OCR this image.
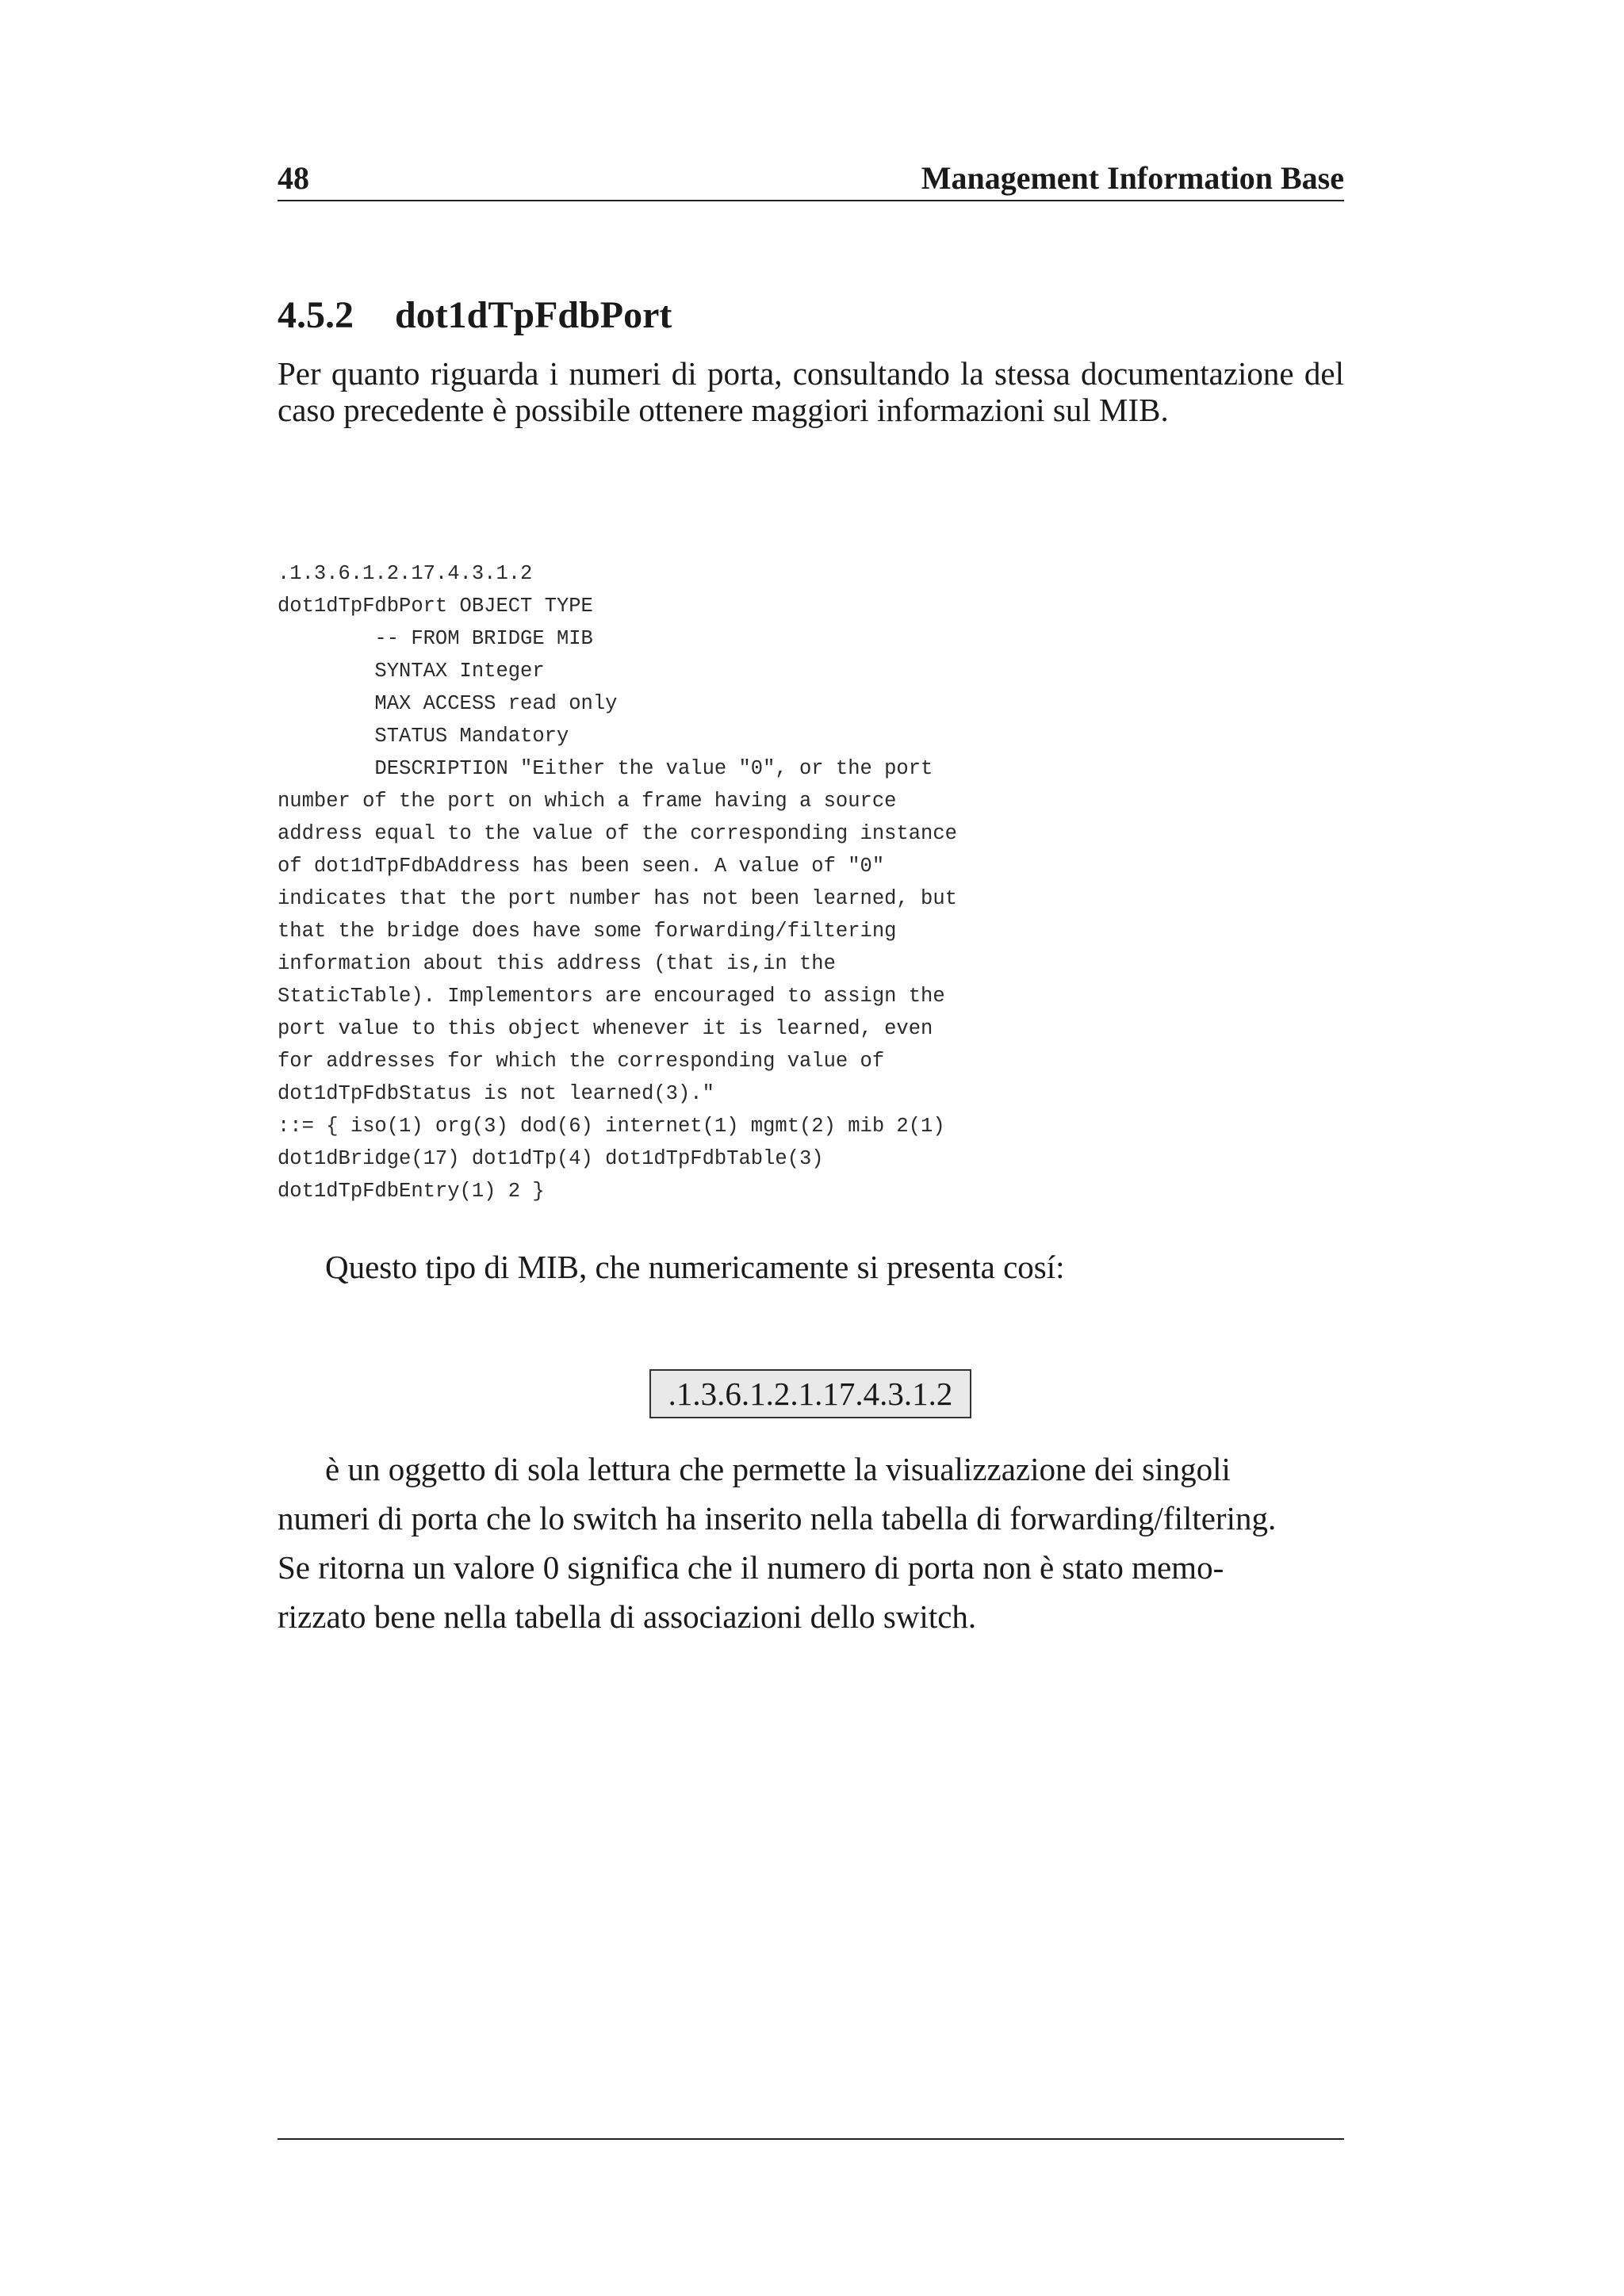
48	Management Information Base
4.5.2 dot1dTpFdbPort
Per quanto riguarda i numeri di porta, consultando la stessa documentazione del caso precedente è possibile ottenere maggiori informazioni sul MIB.
.1.3.6.1.2.17.4.3.1.2
dot1dTpFdbPort OBJECT TYPE
-- FROM BRIDGE MIB
SYNTAX Integer
MAX ACCESS read only
STATUS Mandatory
DESCRIPTION "Either the value "0", or the port
number of the port on which a frame having a source
address equal to the value of the corresponding instance
of dot1dTpFdbAddress has been seen. A value of "0"
indicates that the port number has not been learned, but
that the bridge does have some forwarding/filtering
information about this address (that is,in the
StaticTable). Implementors are encouraged to assign the
port value to this object whenever it is learned, even
for addresses for which the corresponding value of
dot1dTpFdbStatus is not learned(3)."
::= { iso(1) org(3) dod(6) internet(1) mgmt(2) mib 2(1)
dot1dBridge(17) dot1dTp(4) dot1dTpFdbTable(3)
dot1dTpFdbEntry(1) 2 }
Questo tipo di MIB, che numericamente si presenta cosí:
.1.3.6.1.2.1.17.4.3.1.2
è un oggetto di sola lettura che permette la visualizzazione dei singoli
numeri di porta che lo switch ha inserito nella tabella di forwarding/filtering.
Se ritorna un valore 0 significa che il numero di porta non è stato memo-
rizzato bene nella tabella di associazioni dello switch.
